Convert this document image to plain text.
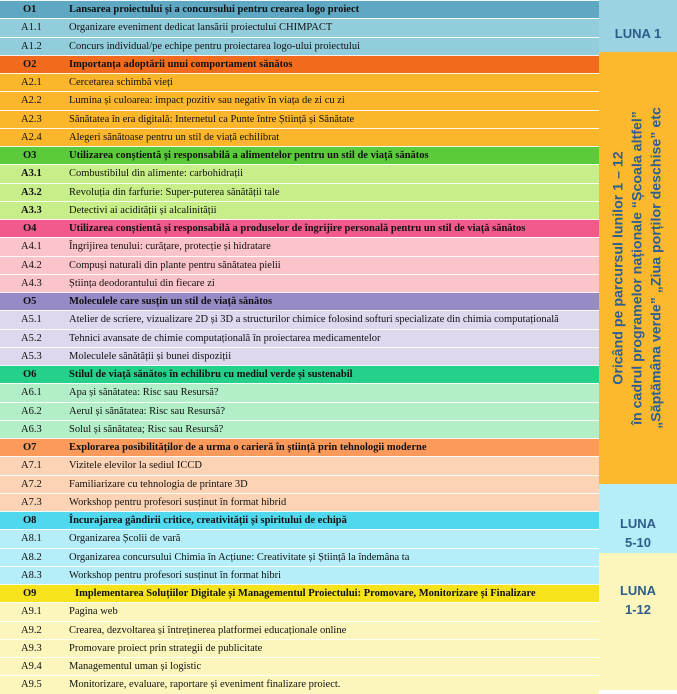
O1	Lansarea proiectului și a concursului pentru crearea logo proiect
A1.1	Organizare eveniment dedicat lansării proiectului CHIMPACT
A1.2	Concurs individual/pe echipe pentru proiectarea logo-ului proiectului
O2	Importanța adoptării unui comportament sănătos
A2.1	Cercetarea schimbă vieți
A2.2	Lumina și culoarea: impact pozitiv sau negativ în viața de zi cu zi
A2.3	Sănătatea în era digitală: Internetul ca Punte între Știință și Sănătate
A2.4	Alegeri sănătoase pentru un stil de viață echilibrat
O3	Utilizarea conștientă și responsabilă a alimentelor pentru un stil de viață sănătos
A3.1	Combustibilul din alimente: carbohidrații
A3.2	Revoluția din farfurie: Super-puterea sănătății tale
A3.3	Detectivi ai acidității și alcalinității
O4	Utilizarea conștientă și responsabilă a produselor de îngrijire personală pentru un stil de viață sănătos
A4.1	Îngrijirea tenului: curățare, protecție și hidratare
A4.2	Compuși naturali din plante pentru sănătatea pielii
A4.3	Știința deodorantului din fiecare zi
O5	Moleculele care susțin un stil de viață sănătos
A5.1	Atelier de scriere, vizualizare 2D și 3D a structurilor chimice folosind softuri specializate din chimia computațională
A5.2	Tehnici avansate de chimie computațională în proiectarea medicamentelor
A5.3	Moleculele sănătății și bunei dispoziții
O6	Stilul de viață sănătos în echilibru cu mediul verde și sustenabil
A6.1	Apa și sănătatea: Risc sau Resursă?
A6.2	Aerul și sănătatea: Risc sau Resursă?
A6.3	Solul și sănătatea; Risc sau Resursă?
O7	Explorarea posibilităților de a urma o carieră în știință prin tehnologii moderne
A7.1	Vizitele elevilor la sediul ICCD
A7.2	Familiarizare cu tehnologia de printare 3D
A7.3	Workshop pentru profesori susținut în format hibrid
O8	Încurajarea gândirii critice, creativității și spiritului de echipă
A8.1	Organizarea Școlii de vară
A8.2	Organizarea concursului Chimia în Acțiune: Creativitate și Știință la îndemâna ta
A8.3	Workshop pentru profesori susținut în format hibri
O9	Implementarea Soluțiilor Digitale și Managementul Proiectului: Promovare, Monitorizare și Finalizare
A9.1	Pagina web
A9.2	Crearea, dezvoltarea și întreținerea platformei educaționale online
A9.3	Promovare proiect prin strategii de publicitate
A9.4	Managementul uman și logistic
A9.5	Monitorizare, evaluare, raportare și eveniment finalizare proiect.
LUNA 1
Oricând pe parcursul lunilor 1 – 12 în cadrul programelor naționale “Școala altfel” „Săptămâna verde” „Ziua porților deschise” etc
LUNA
5-10
LUNA
1-12
